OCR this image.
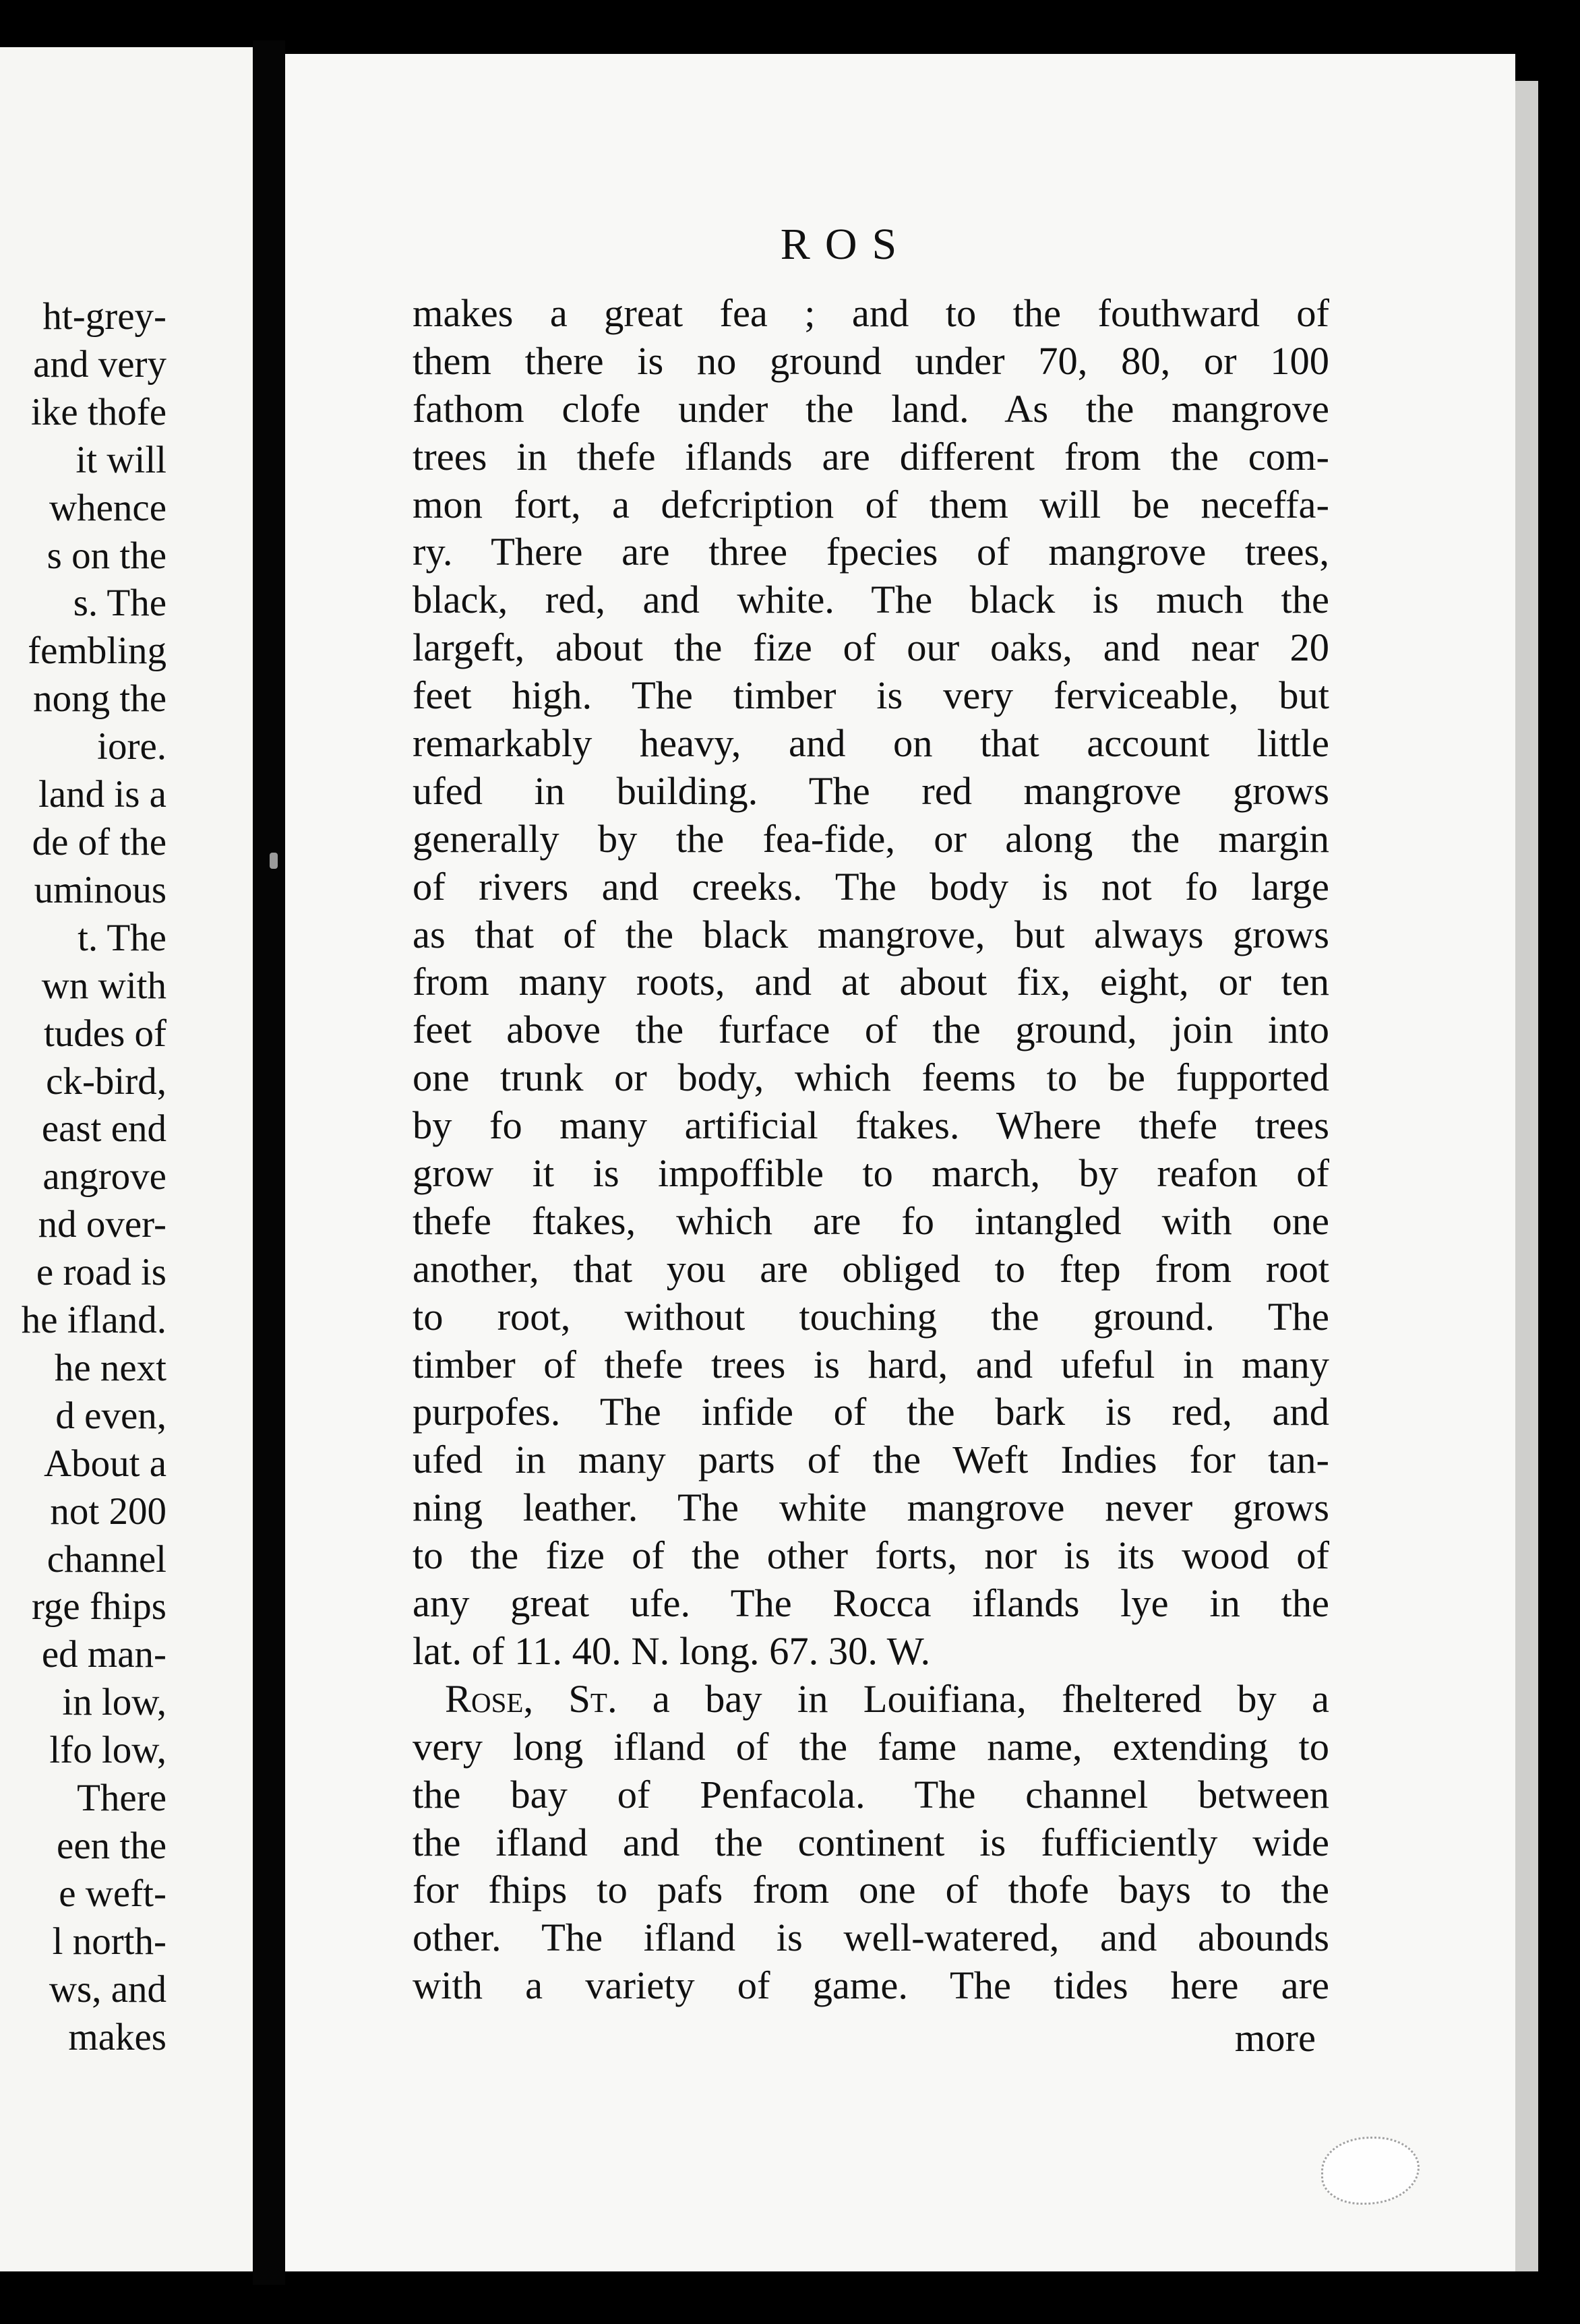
ht-grey-
and very
ike thofe
it will
whence
s on the
s. The
fembling
nong the
iore.
land is a
de of the
uminous
t. The
wn with
tudes of
ck-bird,
east end
angrove
nd over-
e road is
he ifland.
he next
d even,
About a
not 200
channel
rge fhips
ed man-
in low,
lfo low,
There
een the
e weft-
l north-
ws, and
makes
ROS
makes a great fea ; and to the fouthward of
them there is no ground under 70, 80, or 100
fathom clofe under the land. As the mangrove
trees in thefe iflands are different from the com-
mon fort, a defcription of them will be neceffa-
ry. There are three fpecies of mangrove trees,
black, red, and white. The black is much the
largeft, about the fize of our oaks, and near 20
feet high. The timber is very ferviceable, but
remarkably heavy, and on that account little
ufed in building. The red mangrove grows
generally by the fea-fide, or along the margin
of rivers and creeks. The body is not fo large
as that of the black mangrove, but always grows
from many roots, and at about fix, eight, or ten
feet above the furface of the ground, join into
one trunk or body, which feems to be fupported
by fo many artificial ftakes. Where thefe trees
grow it is impoffible to march, by reafon of
thefe ftakes, which are fo intangled with one
another, that you are obliged to ftep from root
to root, without touching the ground. The
timber of thefe trees is hard, and ufeful in many
purpofes. The infide of the bark is red, and
ufed in many parts of the Weft Indies for tan-
ning leather. The white mangrove never grows
to the fize of the other forts, nor is its wood of
any great ufe. The Rocca iflands lye in the
lat. of 11. 40. N. long. 67. 30. W.
Rose, St. a bay in Louifiana, fheltered by a
very long ifland of the fame name, extending to
the bay of Penfacola. The channel between
the ifland and the continent is fufficiently wide
for fhips to pafs from one of thofe bays to the
other. The ifland is well-watered, and abounds
with a variety of game. The tides here are
more
